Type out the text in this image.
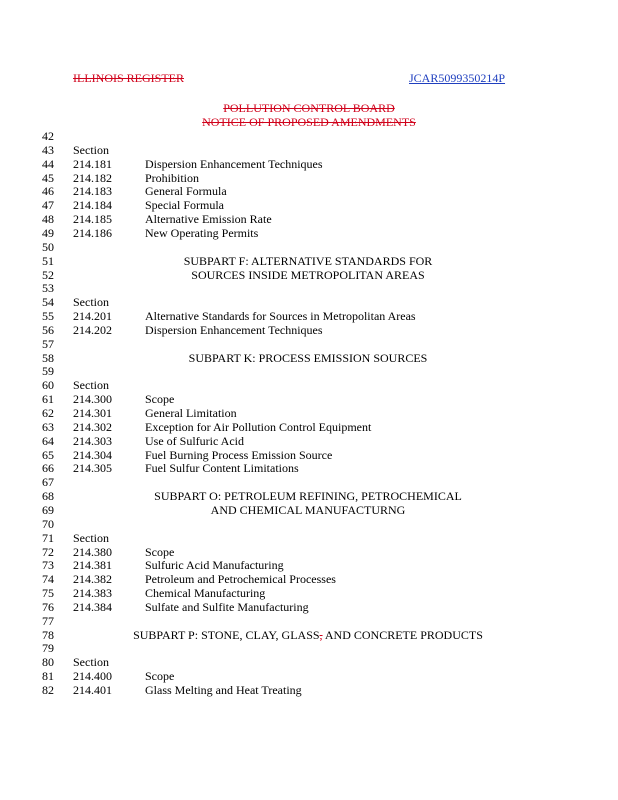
ILLINOIS REGISTER	JCAR5099350214P
POLLUTION CONTROL BOARD
NOTICE OF PROPOSED AMENDMENTS
42
43	Section
44	214.181	Dispersion Enhancement Techniques
45	214.182	Prohibition
46	214.183	General Formula
47	214.184	Special Formula
48	214.185	Alternative Emission Rate
49	214.186	New Operating Permits
50
51	SUBPART F: ALTERNATIVE STANDARDS FOR
52	SOURCES INSIDE METROPOLITAN AREAS
53
54	Section
55	214.201	Alternative Standards for Sources in Metropolitan Areas
56	214.202	Dispersion Enhancement Techniques
57
58	SUBPART K: PROCESS EMISSION SOURCES
59
60	Section
61	214.300	Scope
62	214.301	General Limitation
63	214.302	Exception for Air Pollution Control Equipment
64	214.303	Use of Sulfuric Acid
65	214.304	Fuel Burning Process Emission Source
66	214.305	Fuel Sulfur Content Limitations
67
68	SUBPART O: PETROLEUM REFINING, PETROCHEMICAL
69	AND CHEMICAL MANUFACTURNG
70
71	Section
72	214.380	Scope
73	214.381	Sulfuric Acid Manufacturing
74	214.382	Petroleum and Petrochemical Processes
75	214.383	Chemical Manufacturing
76	214.384	Sulfate and Sulfite Manufacturing
77
78	SUBPART P: STONE, CLAY, GLASS, AND CONCRETE PRODUCTS
79
80	Section
81	214.400	Scope
82	214.401	Glass Melting and Heat Treating
